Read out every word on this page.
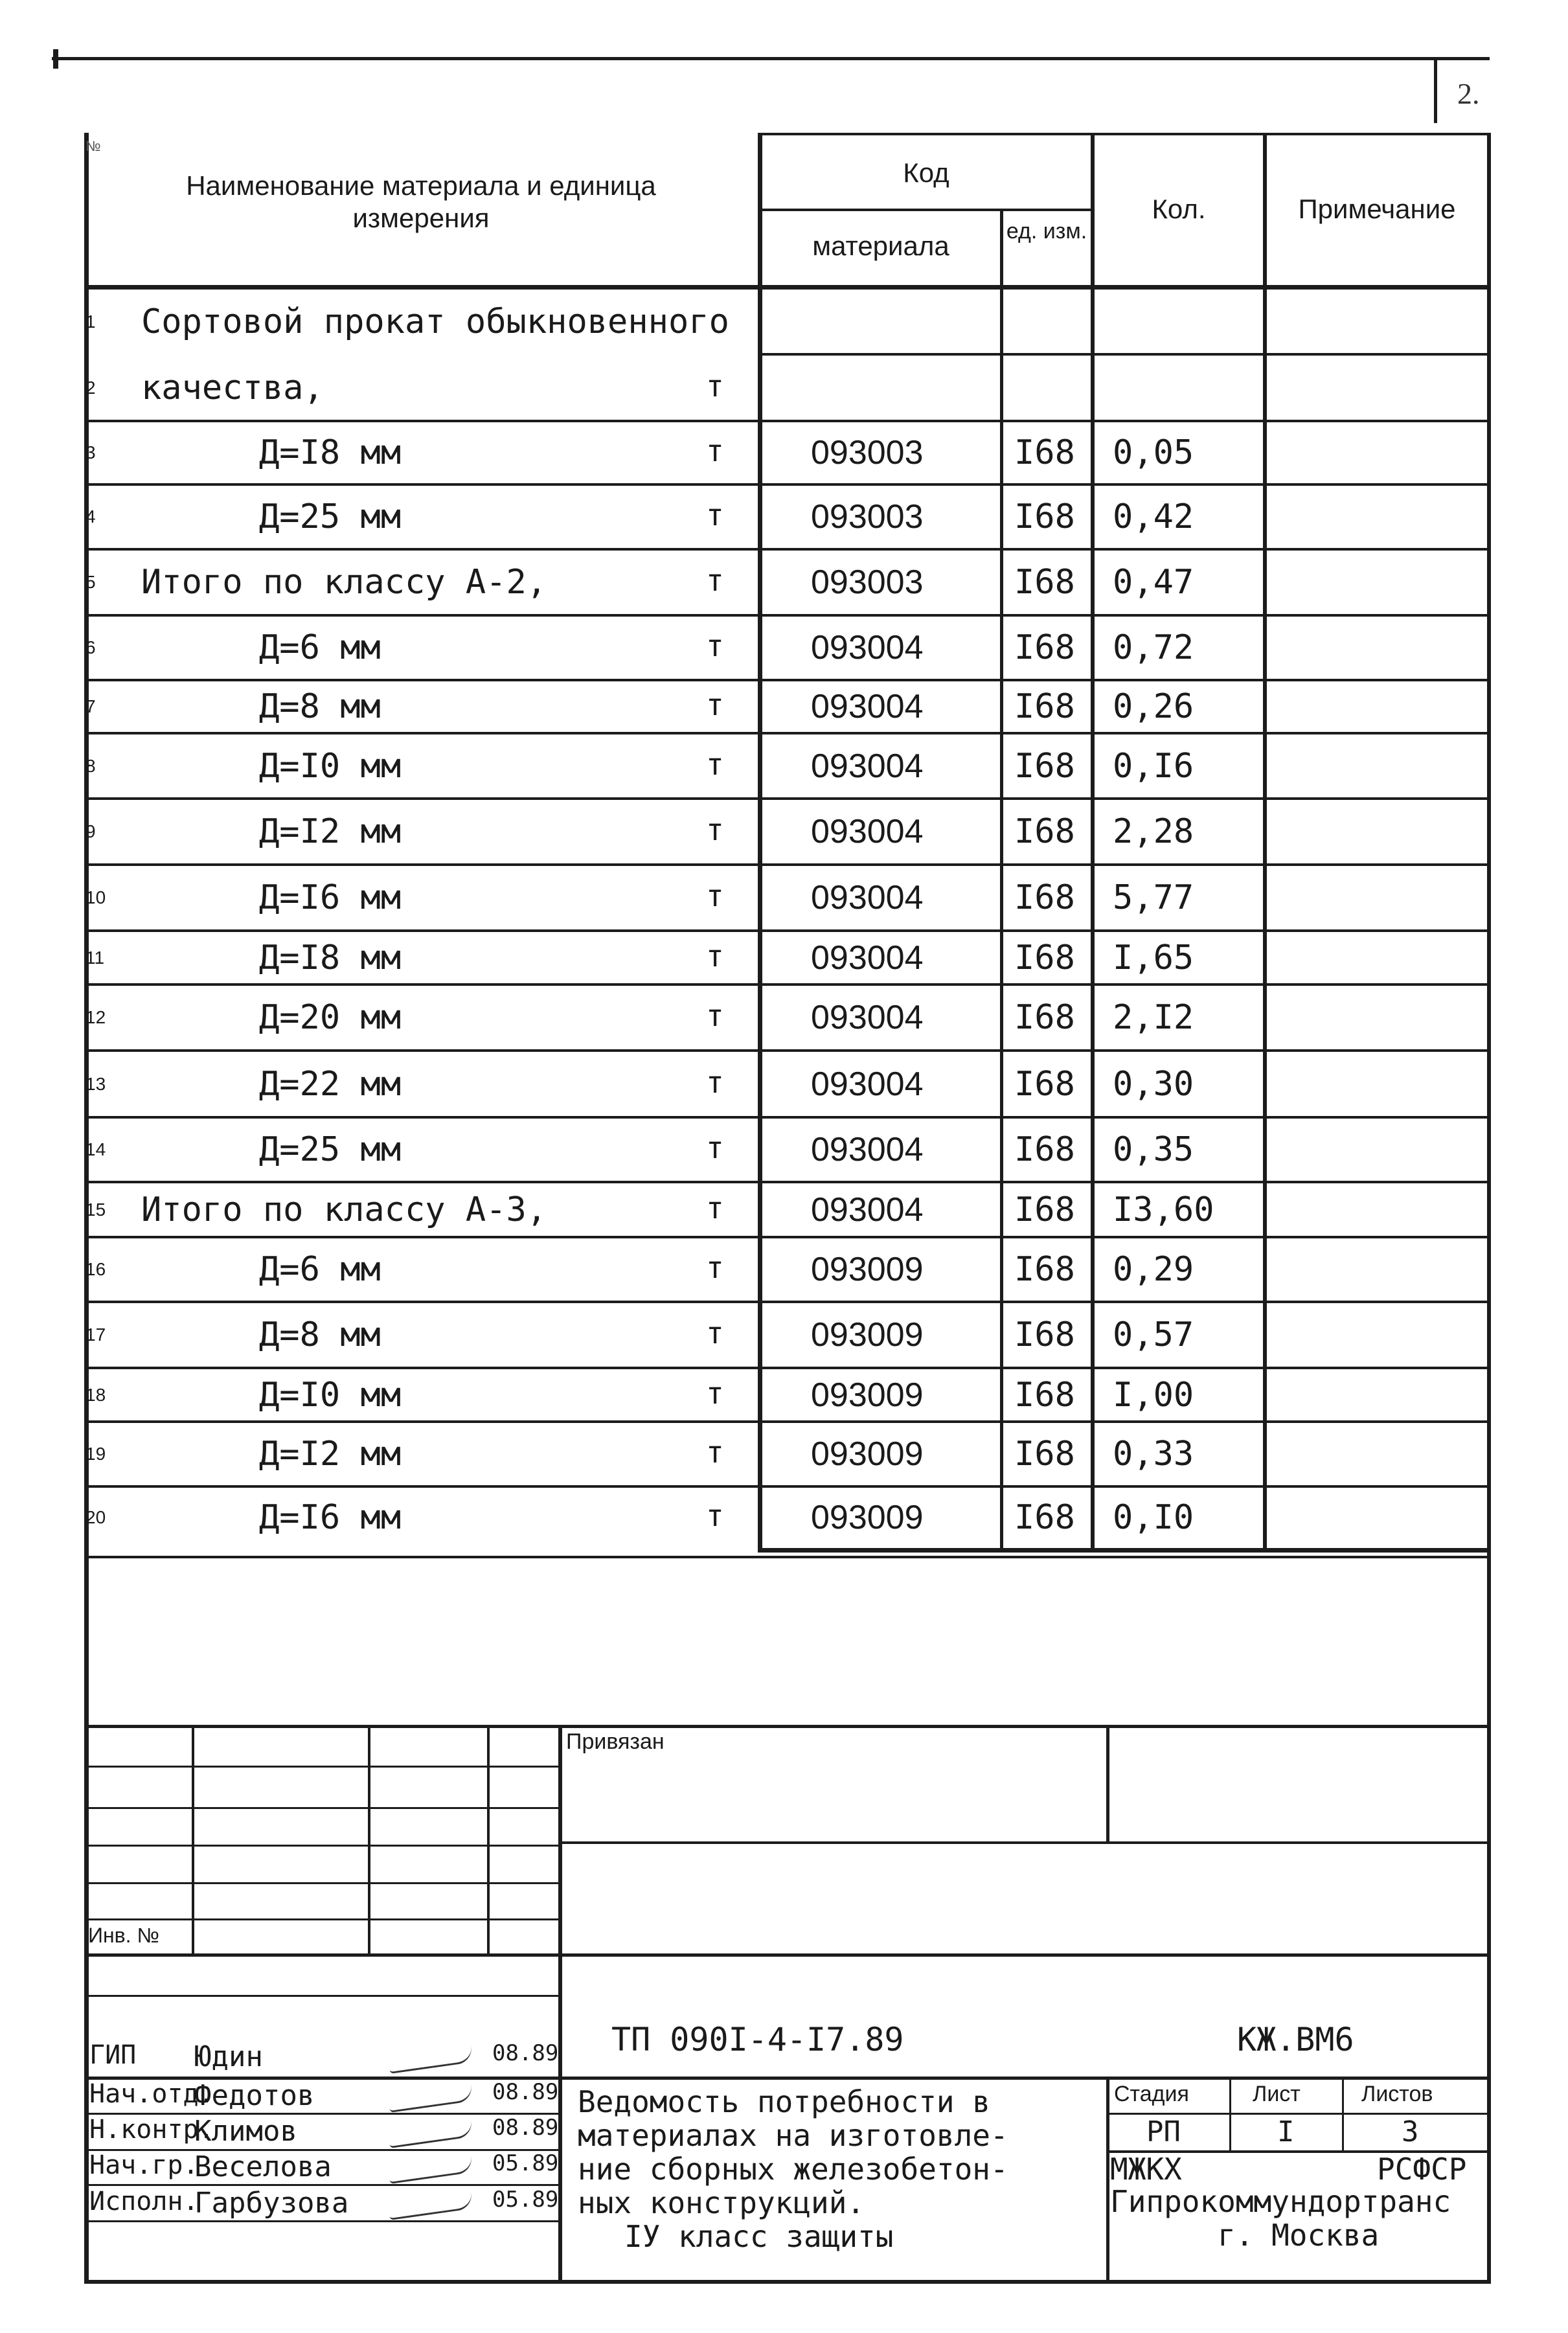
2.
Наименование материала и единица измерения
Код
материала	ед. изм.
Кол.	Примечание
№
1 Сортовой прокат обыкновенного
2 качества,	т
3	Д=I8 мм	т	093003	I68 0,05
4	Д=25 мм	т	093003	I68 0,42
5 Итого по классу А-2,	т	093003	I68 0,47
6	Д=6 мм	т	093004	I68 0,72
7	Д=8 мм	т	093004	I68 0,26
8	Д=I0 мм	т	093004	I68 0,I6
9	Д=I2 мм	т	093004	I68 2,28
10	Д=I6 мм	т	093004	I68 5,77
11	Д=I8 мм	т	093004	I68 I,65
12	Д=20 мм	т	093004	I68 2,I2
13	Д=22 мм	т	093004	I68 0,30
14	Д=25 мм	т	093004	I68 0,35
15 Итого по классу А-3,	т	093004	I68 I3,60
16	Д=6 мм	т	093009	I68 0,29
17	Д=8 мм	т	093009	I68 0,57
18	Д=I0 мм	т	093009	I68 I,00
19	Д=I2 мм	т	093009	I68 0,33
20	Д=I6 мм	т	093009	I68 0,I0
Привязан
Инв. №
ТП 090I-4-I7.89	КЖ.ВМ6
ГИП Юдин	08.89
Нач.отд.
Федотов	08.89
Н.контр.
Климов	08.89
Нач.гр.
Веселова	05.89
Исполн.
Гарбузова	05.89
Ведомость потребности в
материалах на изготовле-
ние сборных железобетон-
ных конструкций.
IУ класс защиты
Стадия	Лист	Листов
РП	I	3
МЖКХ	РСФСР
Гипрокоммундортранс
г. Москва
